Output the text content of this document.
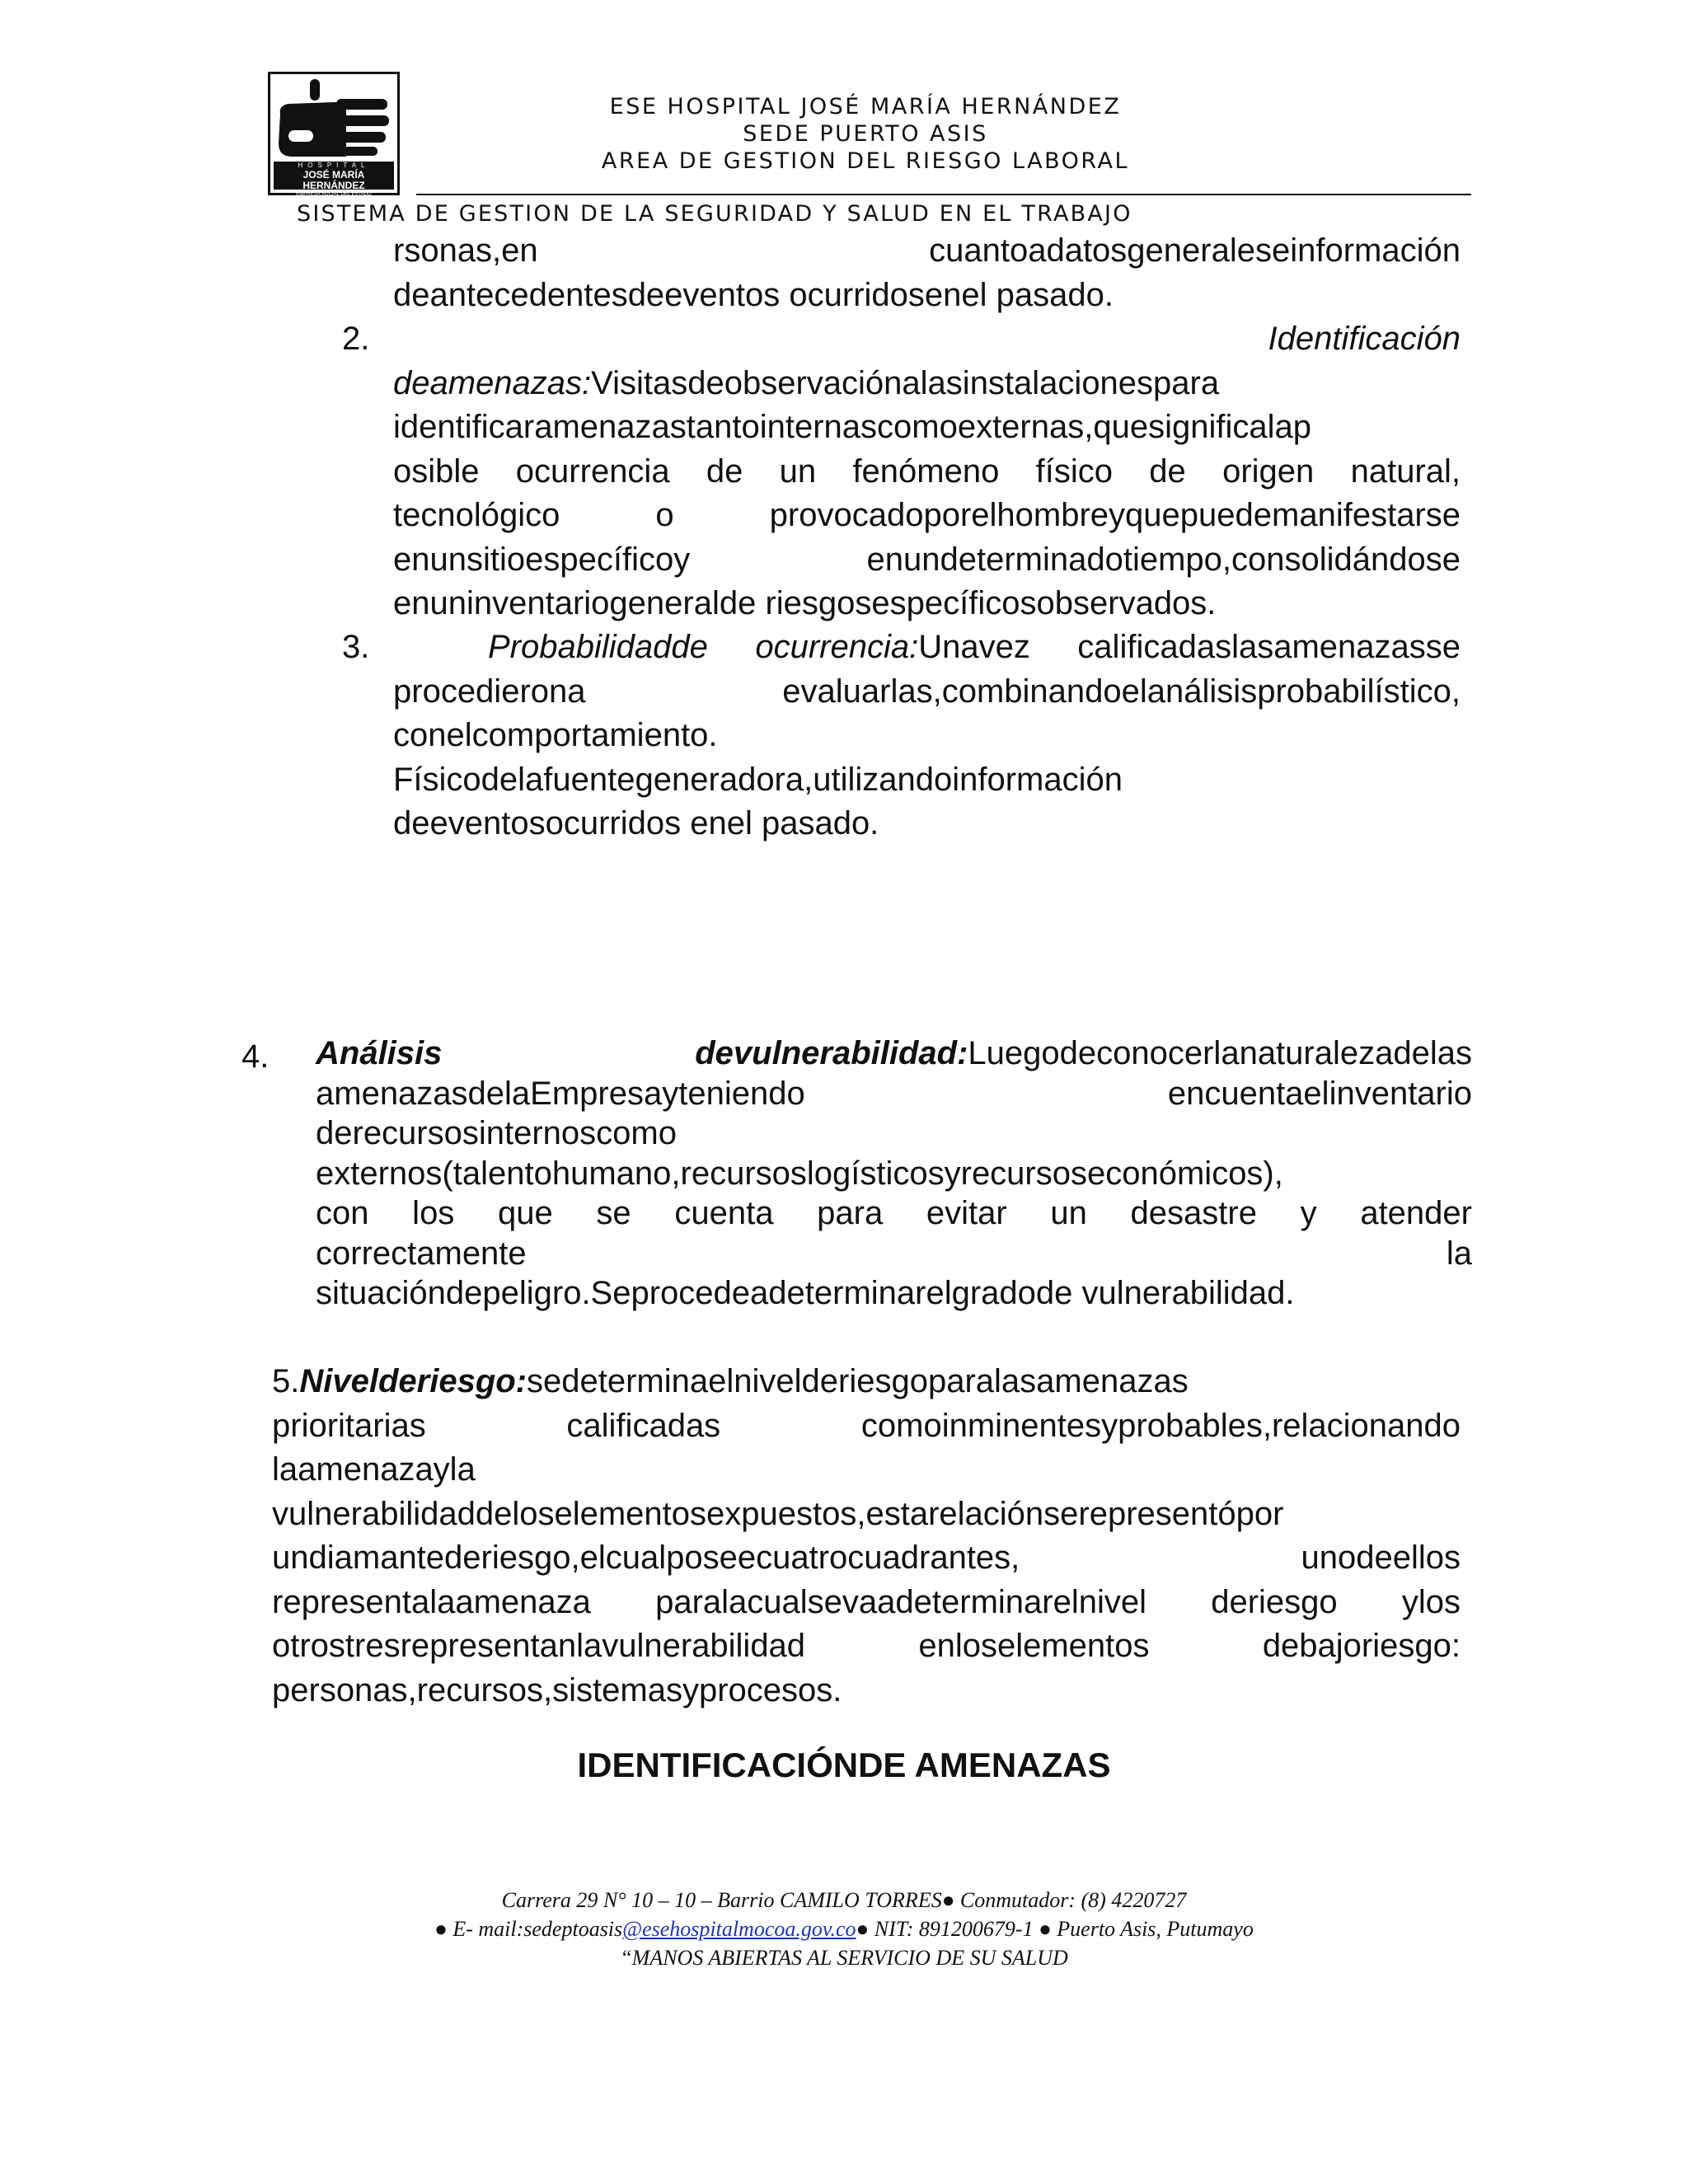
HOSPITAL
JOSÉ MARÍA HERNÁNDEZ
EMPRESA SOCIAL DEL ESTADO
ESE HOSPITAL JOSÉ MARÍA HERNÁNDEZ
SEDE PUERTO ASIS
AREA DE GESTION DEL RIESGO LABORAL
SISTEMA DE GESTION DE LA SEGURIDAD Y SALUD EN EL TRABAJO
rsonas,en cuantoadatosgeneraleseinformación
deantecedentesdeeventos ocurridosenel pasado.
2.	Identificación
deamenazas:Visitasdeobservaciónalasinstalacionespara
identificaramenazastantointernascomoexternas,quesignificalap
osible ocurrencia de un fenómeno físico de origen natural,
tecnológico o provocadoporelhombreyquepuedemanifestarse
enunsitioespecíficoy enundeterminadotiempo,consolidándose
enuninventariogeneralde riesgosespecíficosobservados.
3.	Probabilidadde ocurrencia:Unavez calificadaslasamenazasse
procedierona evaluarlas,combinandoelanálisisprobabilístico,
conelcomportamiento.
Físicodelafuentegeneradora,utilizandoinformación
deeventosocurridos enel pasado.
4. Análisis                devulnerabilidad:Luegodeconocerlanaturalezadelas
amenazasdelaEmpresayteniendo encuentaelinventario
derecursosinternoscomo
externos(talentohumano,recursoslogísticosyrecursoseconómicos),
con los que se cuenta para evitar un desastre y atender
correctamente la
situacióndepeligro.Seprocedeadeterminarelgradode vulnerabilidad.
5.Nivelderiesgo:sedeterminaelnivelderiesgoparalasamenazas
prioritarias calificadas comoinminentesyprobables,relacionando
laamenazayla
vulnerabilidaddeloselementosexpuestos,estarelaciónserepresentópor
undiamantederiesgo,elcualposeecuatrocuadrantes, unodeellos
representalaamenaza paralacualsevaadeterminarelnivel deriesgo ylos
otrostresrepresentanlavulnerabilidad enloselementos debajoriesgo:
personas,recursos,sistemasyprocesos.
IDENTIFICACIÓNDE AMENAZAS
Carrera 29 N° 10 – 10 – Barrio CAMILO TORRES● Conmutador: (8) 4220727
● E- mail:sedeptoasis@esehospitalmocoa.gov.co● NIT: 891200679-1 ● Puerto Asis, Putumayo
“MANOS ABIERTAS AL SERVICIO DE SU SALUD
